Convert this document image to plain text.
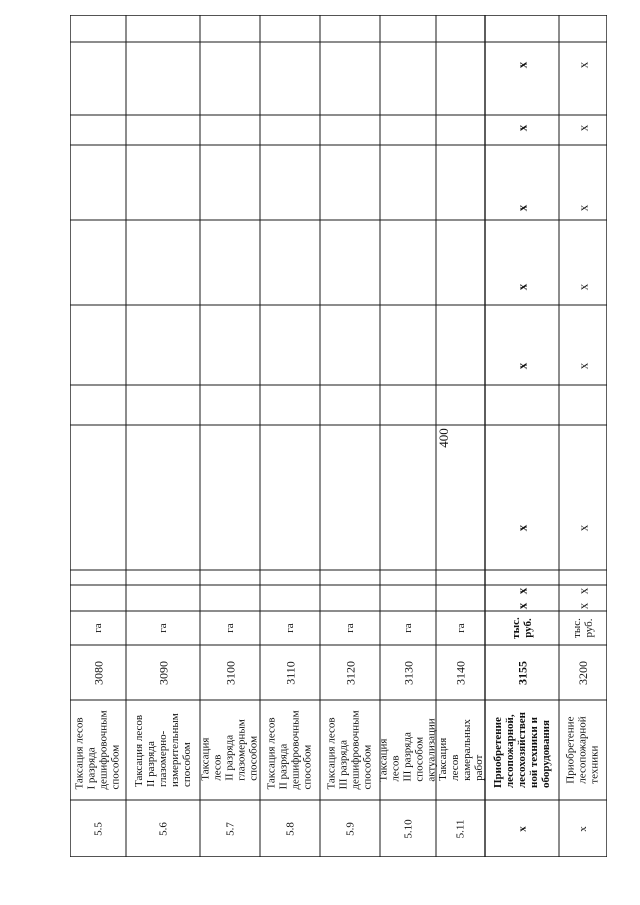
400
5.5
Таксация лесов
I разряда
дешифровочным
способом
3080
га
5.6
Таксация лесов
II разряда
глазомерно-
измерительным
способом
3090
га
5.7
Таксация лесов
II разряда
глазомерным
способом
3100
га
5.8
Таксация лесов
II разряда
дешифровочным
способом
3110
га
5.9
Таксация лесов
III разряда
дешифровочным
способом
3120
га
5.10
Таксация лесов
III разряда
способом
актуализации
3130
га
5.11
Таксация лесов
камеральных
работ
3140
га
x
Приобретение
лесопожарной,
лесохозяйствен
ной техники и
оборудования
3155
тыс.
руб.
x
x
x
x
x
x
x
x
x
Приобретение
лесопожарной
техники
3200
тыс.
руб.
x
x
x
x
x
x
x
x
